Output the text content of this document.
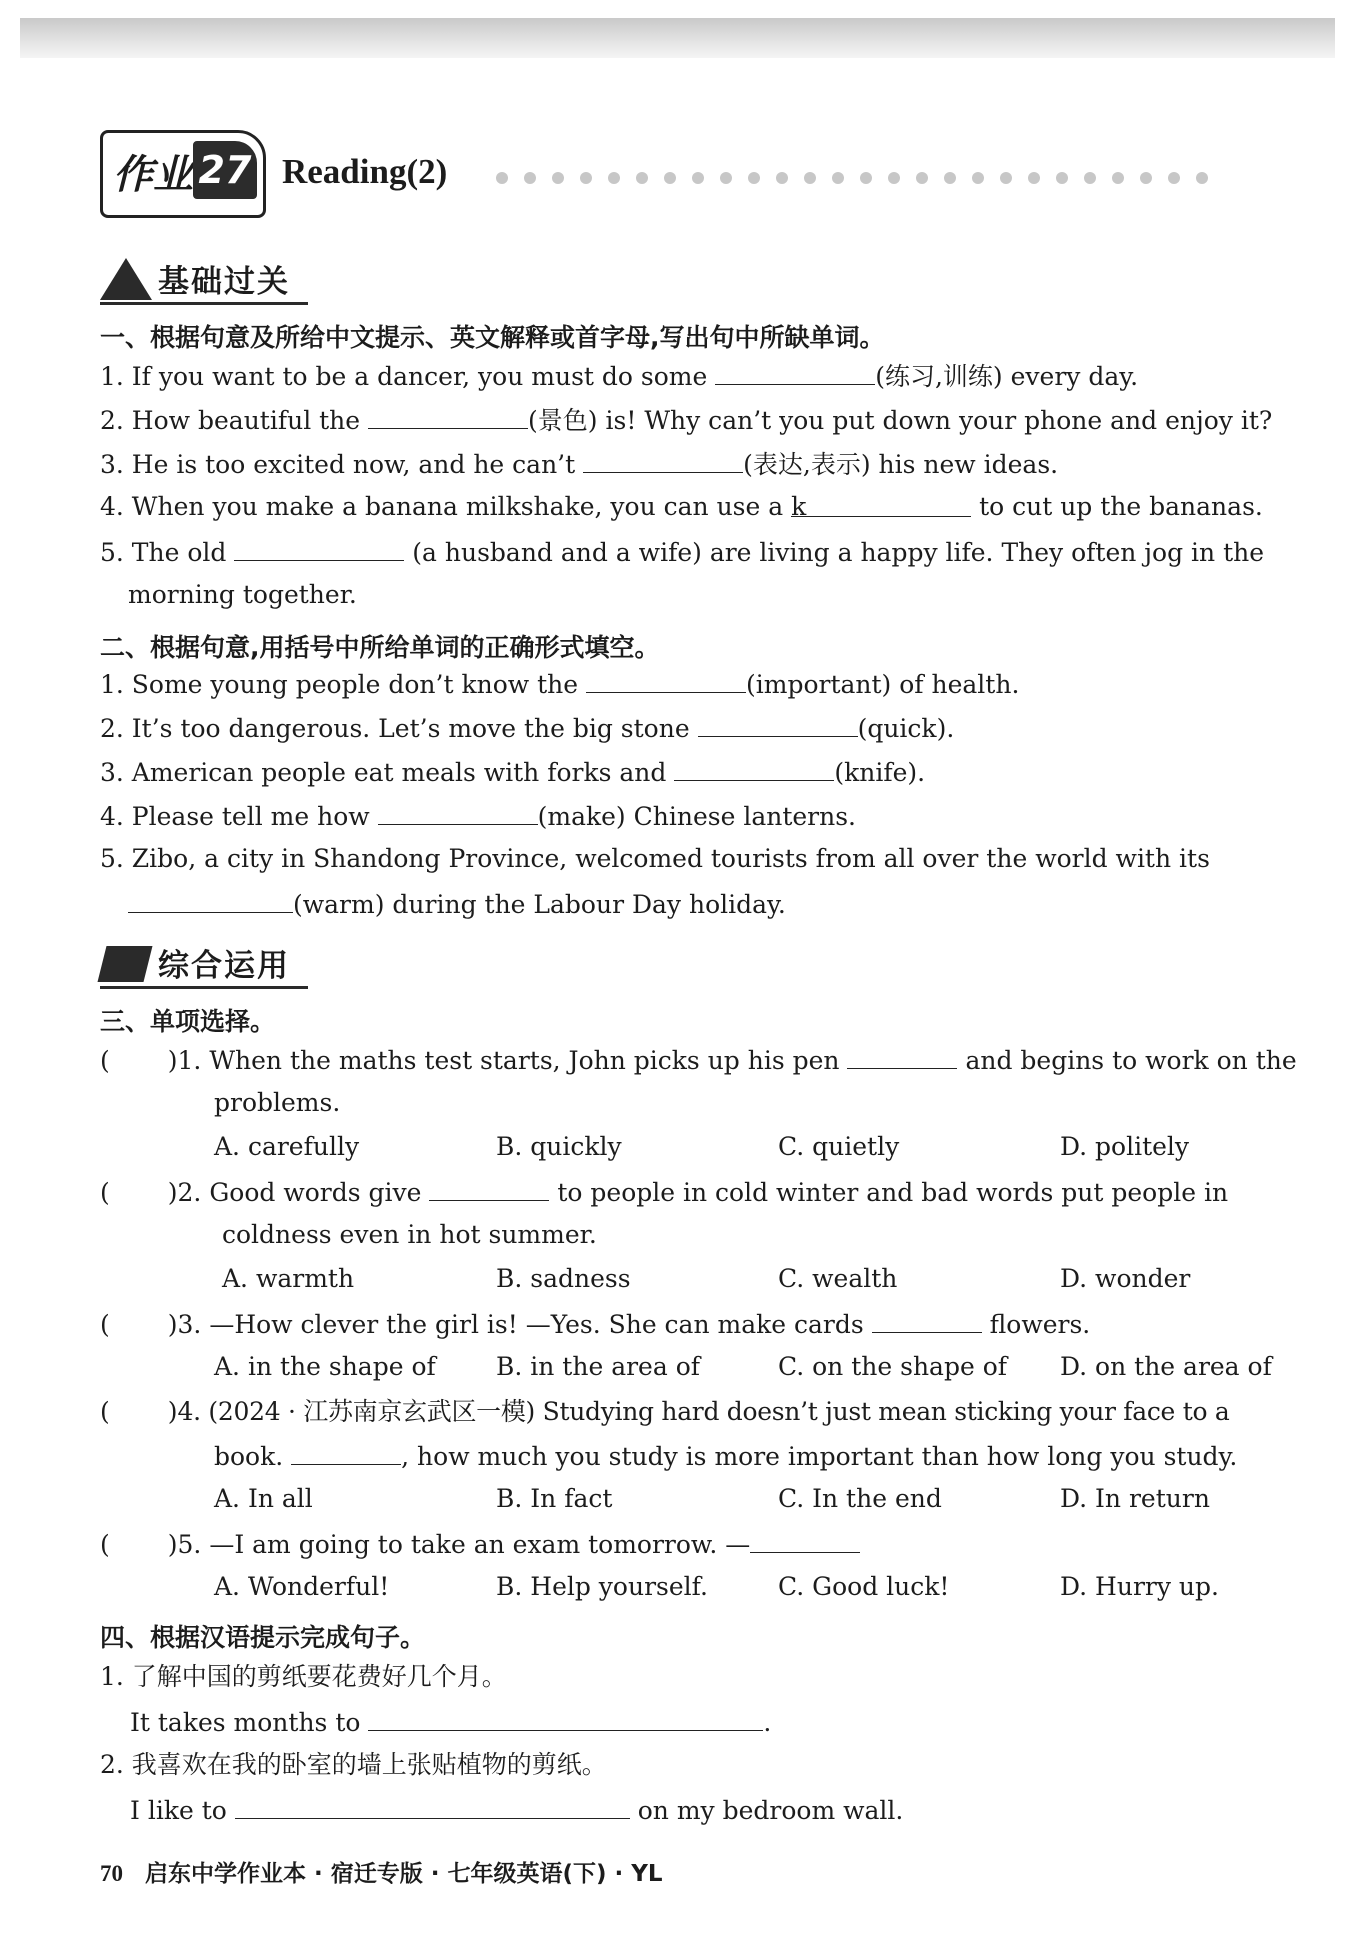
作业 27 Reading(2)
基础过关
一、根据句意及所给中文提示、英文解释或首字母,写出句中所缺单词。
1. If you want to be a dancer, you must do some	(练习,训练) every day.
2. How beautiful the	(景色) is! Why can’t you put down your phone and enjoy it?
3. He is too excited now, and he can’t	(表达,表示) his new ideas.
4. When you make a banana milkshake, you can use a k	to cut up the bananas.
5. The old	(a husband and a wife) are living a happy life. They often jog in the
morning together.
二、根据句意,用括号中所给单词的正确形式填空。
1. Some young people don’t know the	(important) of health.
2. It’s too dangerous. Let’s move the big stone	(quick).
3. American people eat meals with forks and	(knife).
4. Please tell me how	(make) Chinese lanterns.
5. Zibo, a city in Shandong Province, welcomed tourists from all over the world with its
(warm) during the Labour Day holiday.
综合运用
三、单项选择。
( )1. When the maths test starts, John picks up his pen	and begins to work on the
problems.
A. carefully	B. quickly	C. quietly	D. politely
( )2. Good words give	to people in cold winter and bad words put people in
coldness even in hot summer.
A. warmth	B. sadness	C. wealth	D. wonder
( )3. —How clever the girl is! —Yes. She can make cards	flowers.
A. in the shape of B. in the area of	C. on the shape of D. on the area of
( )4. (2024 · 江苏南京玄武区一模) Studying hard doesn’t just mean sticking your face to a
book.	, how much you study is more important than how long you study.
A. In all	B. In fact	C. In the end	D. In return
( )5. —I am going to take an exam tomorrow. —
A. Wonderful!	B. Help yourself.	C. Good luck!	D. Hurry up.
四、根据汉语提示完成句子。
1. 了解中国的剪纸要花费好几个月。
It takes months to	.
2. 我喜欢在我的卧室的墙上张贴植物的剪纸。
I like to	on my bedroom wall.
70 启东中学作业本 · 宿迁专版 · 七年级英语(下) · YL
